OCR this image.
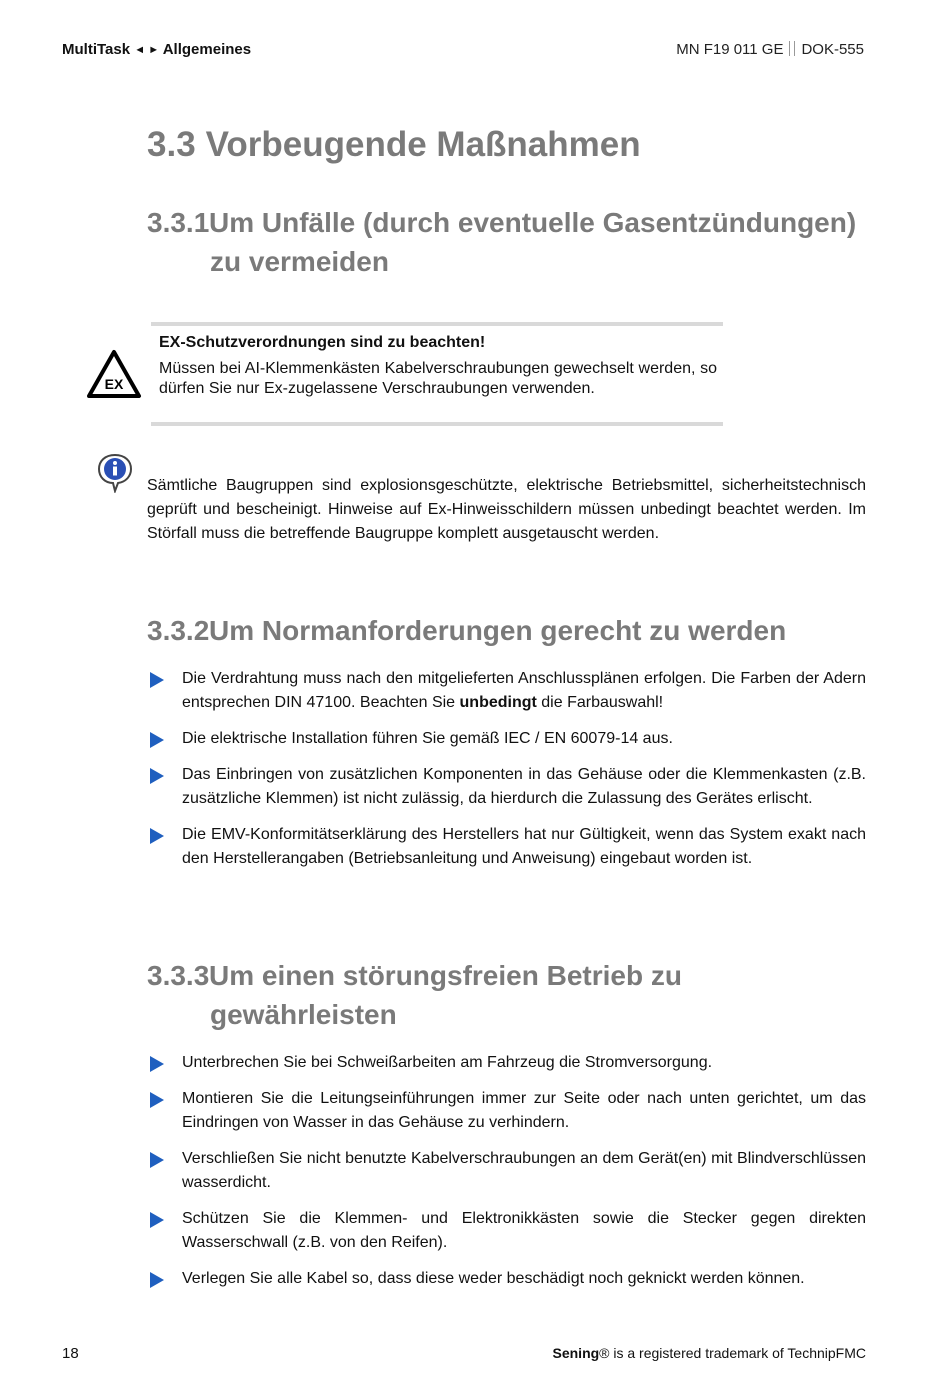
MultiTask ◄ ► Allgemeines	MN F19 011 GE DOK-555
3.3 Vorbeugende Maßnahmen
3.3.1Um Unfälle (durch eventuelle Gasentzündungen)
zu vermeiden
EX
EX-Schutzverordnungen sind zu beachten!
Müssen bei AI-Klemmenkästen Kabelverschraubungen gewechselt werden, so dürfen Sie nur Ex-zugelassene Verschraubungen verwenden.
Sämtliche Baugruppen sind explosionsgeschützte, elektrische Betriebsmittel, sicherheitstechnisch geprüft und bescheinigt. Hinweise auf Ex-Hinweisschildern müssen unbedingt beachtet werden. Im Störfall muss die betreffende Baugruppe komplett ausgetauscht werden.
3.3.2Um Normanforderungen gerecht zu werden
Die Verdrahtung muss nach den mitgelieferten Anschlussplänen erfolgen. Die Farben der Adern entsprechen DIN 47100. Beachten Sie unbedingt die Farbauswahl!
Die elektrische Installation führen Sie gemäß IEC / EN 60079-14 aus.
Das Einbringen von zusätzlichen Komponenten in das Gehäuse oder die Klemmenkasten (z.B. zusätzliche Klemmen) ist nicht zulässig, da hierdurch die Zulassung des Gerätes erlischt.
Die EMV-Konformitätserklärung des Herstellers hat nur Gültigkeit, wenn das System exakt nach den Herstellerangaben (Betriebsanleitung und Anweisung) eingebaut worden ist.
3.3.3Um einen störungsfreien Betrieb zu
gewährleisten
Unterbrechen Sie bei Schweißarbeiten am Fahrzeug die Stromversorgung.
Montieren Sie die Leitungseinführungen immer zur Seite oder nach unten gerichtet, um das Eindringen von Wasser in das Gehäuse zu verhindern.
Verschließen Sie nicht benutzte Kabelverschraubungen an dem Gerät(en) mit Blindverschlüssen wasserdicht.
Schützen Sie die Klemmen- und Elektronikkästen sowie die Stecker gegen direkten Wasserschwall (z.B. von den Reifen).
Verlegen Sie alle Kabel so, dass diese weder beschädigt noch geknickt werden können.
18	Sening® is a registered trademark of TechnipFMC
